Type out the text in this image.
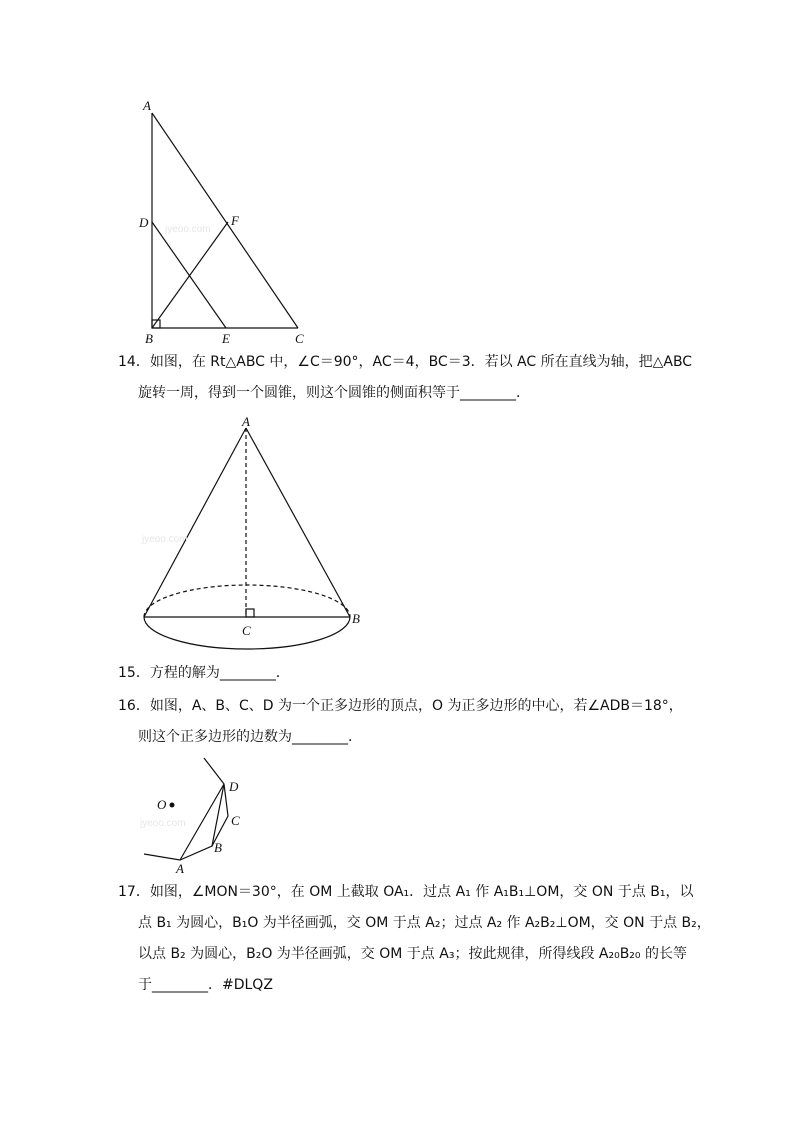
jyeoo.com
A
D	F
B	E	C
14．如图，在 Rt△ABC 中，∠C＝90°，AC＝4，BC＝3．若以 AC 所在直线为轴，把△ABC
旋转一周，得到一个圆锥，则这个圆锥的侧面积等于________．
jyeoo.com
A
B
C
15．方程的解为________．
16．如图，A、B、C、D 为一个正多边形的顶点，O 为正多边形的中心，若∠ADB＝18°，
则这个正多边形的边数为________．
jyeoo.com
O
D
C
B
A
17．如图，∠MON＝30°，在 OM 上截取 OA₁．过点 A₁ 作 A₁B₁⊥OM，交 ON 于点 B₁，以
点 B₁ 为圆心，B₁O 为半径画弧，交 OM 于点 A₂；过点 A₂ 作 A₂B₂⊥OM，交 ON 于点 B₂，
以点 B₂ 为圆心，B₂O 为半径画弧，交 OM 于点 A₃；按此规律，所得线段 A₂₀B₂₀ 的长等
于________．#DLQZ
